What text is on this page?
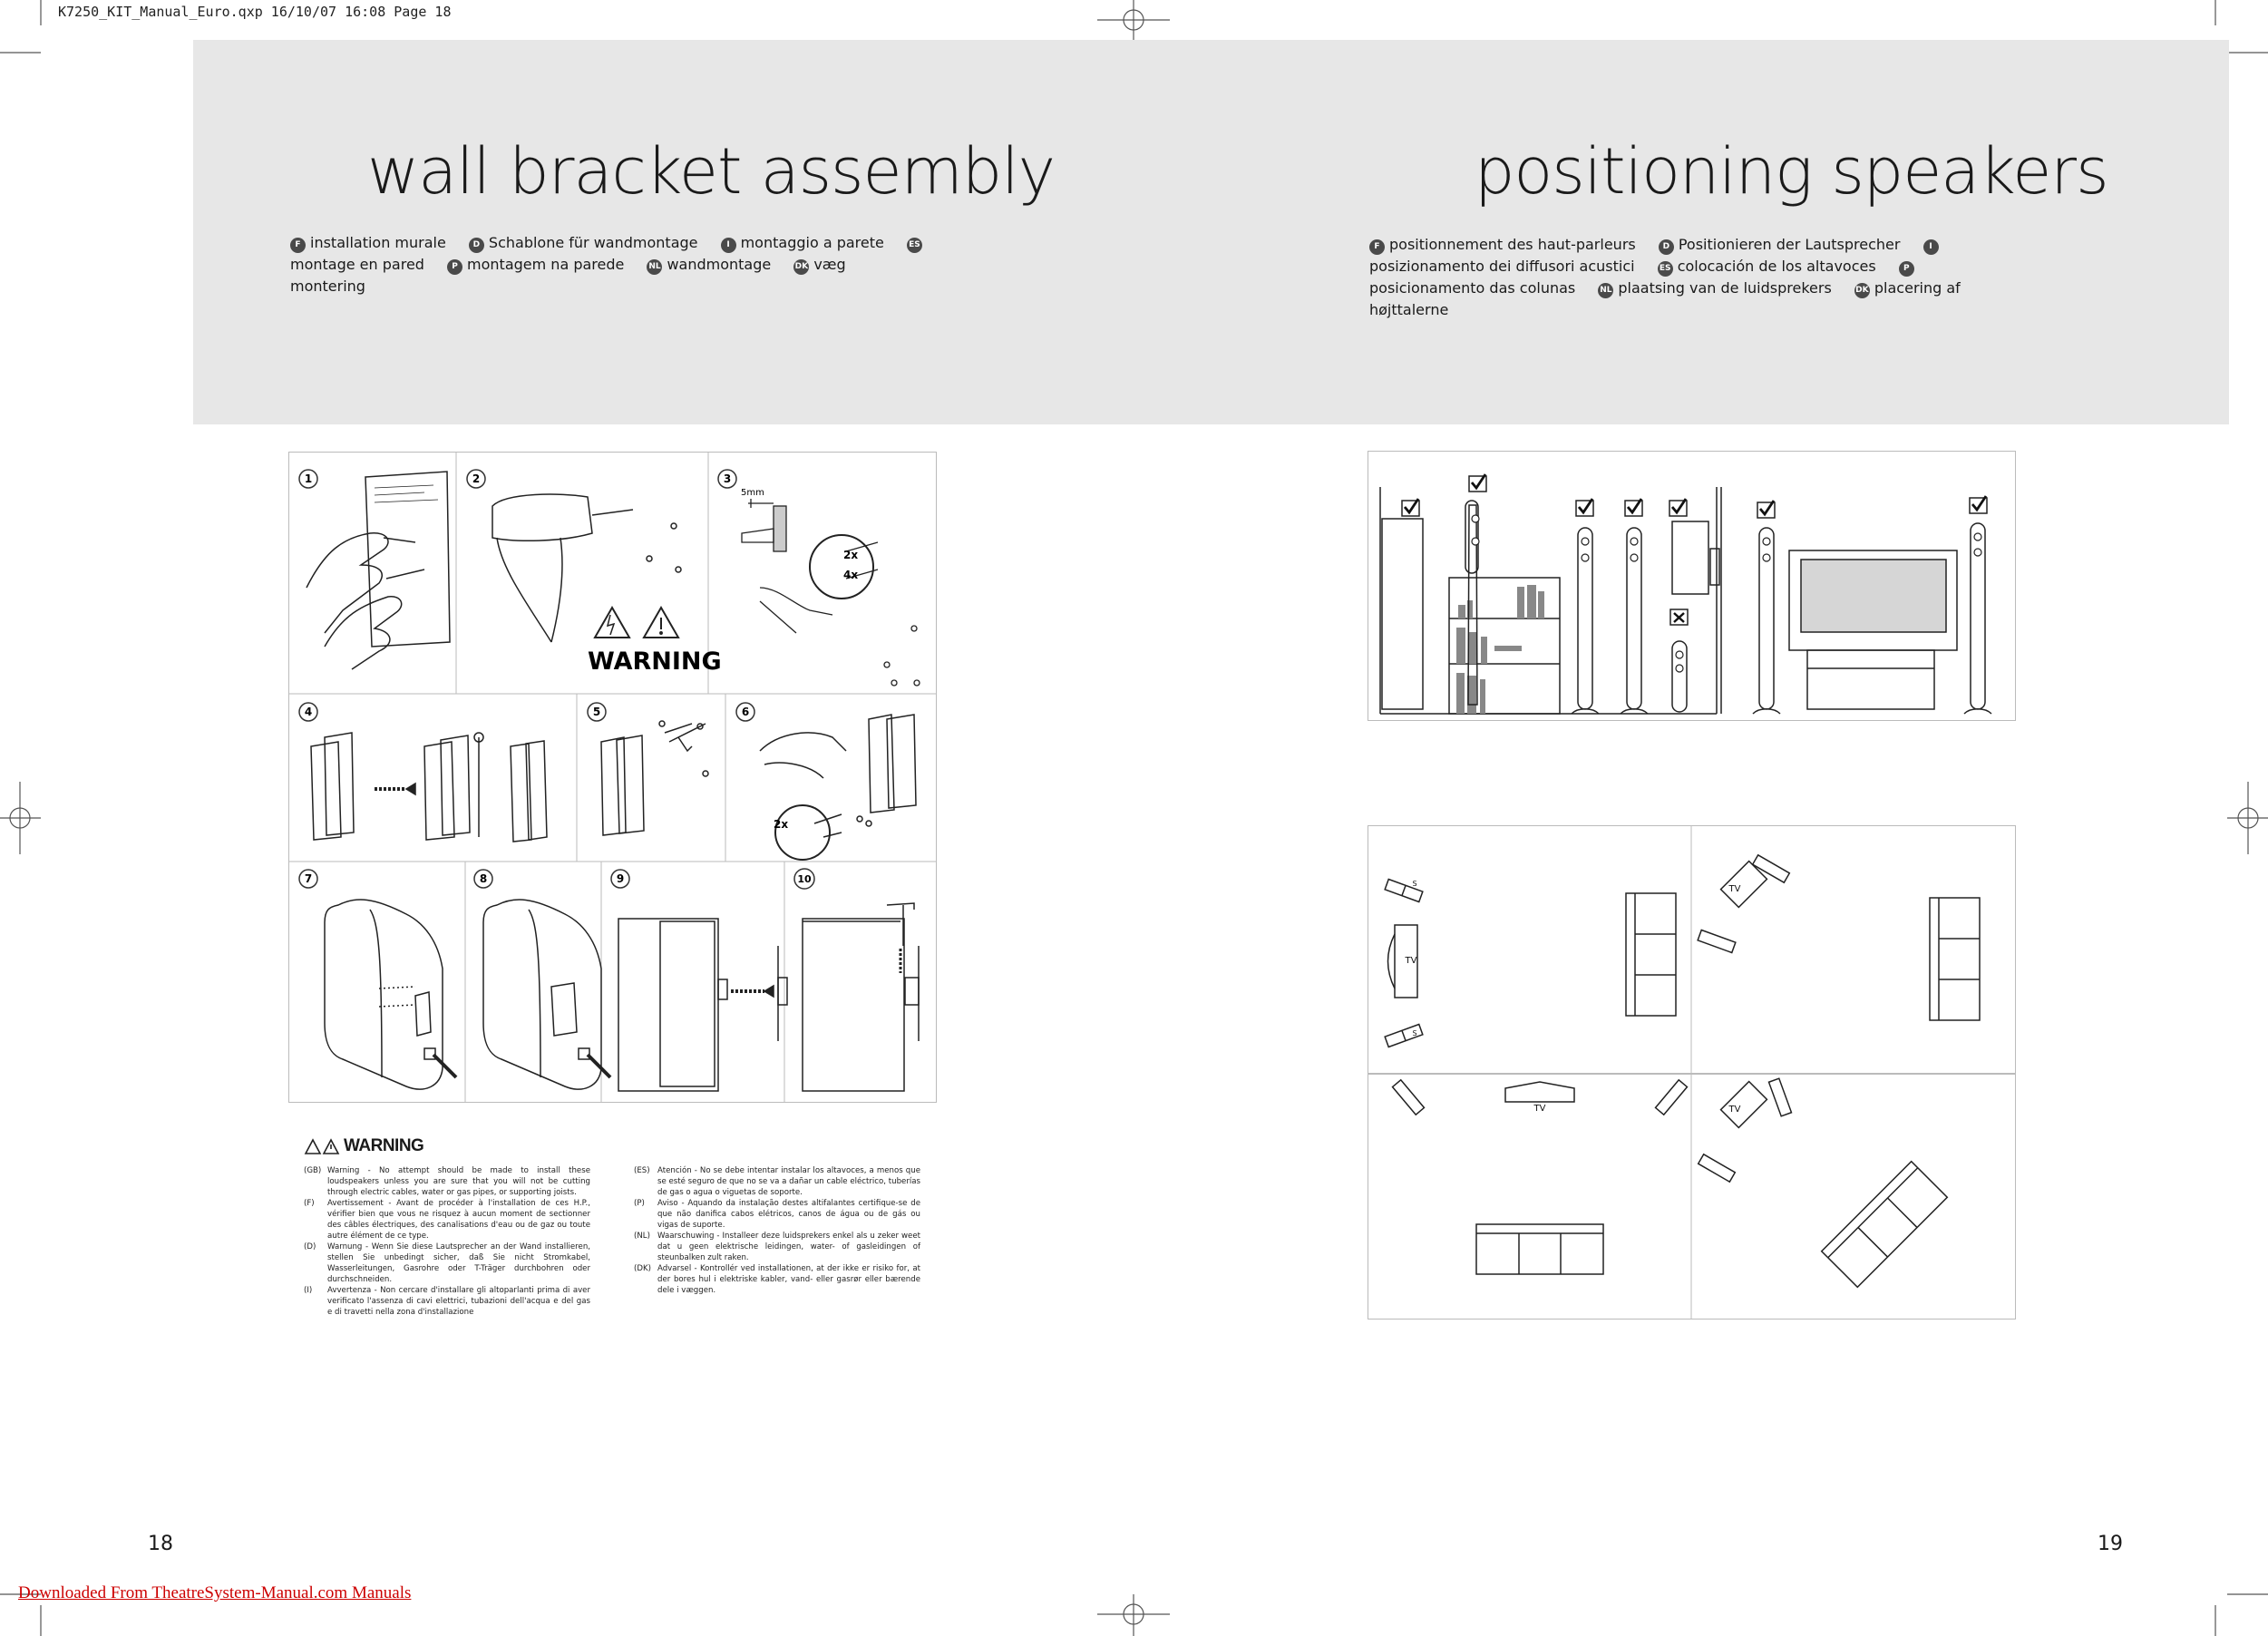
K7250_KIT_Manual_Euro.qxp 16/10/07 16:08 Page 18
wall bracket assembly
F installation murale	D Schablone für wandmontage	I montaggio a parete	ESmontage en pared	P montagem na parede	NL wandmontage	DK væg montering
positioning speakers
F positionnement des haut-parleurs	D Positionieren der Lautsprecher	Iposizionamento dei diffusori acustici	ES colocación de los altavoces	Pposicionamento das colunas	NL plaatsing van de luidsprekers	DK placering af højttalerne
1	2	3
4	5	6
7	8	9	10
WARNING
5mm
2x
4x
2x
WARNING
(GB) Warning - No attempt should be made to install these loudspeakers unless you are sure that you will not be cutting through electric cables, water or gas pipes, or supporting joists.
(F)	Avertissement - Avant de procéder à l'installation de ces H.P., vérifier bien que vous ne risquez à aucun moment de sectionner des câbles électriques, des canalisations d'eau ou de gaz ou toute autre élément de ce type.
(D)	Warnung - Wenn Sie diese Lautsprecher an der Wand installieren, stellen Sie unbedingt sicher, daß Sie nicht Stromkabel, Wasserleitungen, Gasrohre oder T-Träger durchbohren oder durchschneiden.
(I)	Avvertenza - Non cercare d'installare gli altoparlanti prima di aver verificato l'assenza di cavi elettrici, tubazioni dell'acqua e del gas e di travetti nella zona d'installazione
(ES) Atención - No se debe intentar instalar los altavoces, a menos que se esté seguro de que no se va a dañar un cable eléctrico, tuberías de gas o agua o viguetas de soporte.
(P)	Aviso - Aquando da instalação destes altifalantes certifique-se de que não danifica cabos elétricos, canos de água ou de gás ou vigas de suporte.
(NL) Waarschuwing - Installeer deze luidsprekers enkel als u zeker weet dat u geen elektrische leidingen, water- of gasleidingen of steunbalken zult raken.
(DK) Advarsel - Kontrollér ved installationen, at der ikke er risiko for, at der bores hul i elektriske kabler, vand- eller gasrør eller bærende dele i væggen.
TV
TV
TV	TV
S
S
18	19
Downloaded From TheatreSystem-Manual.com Manuals
